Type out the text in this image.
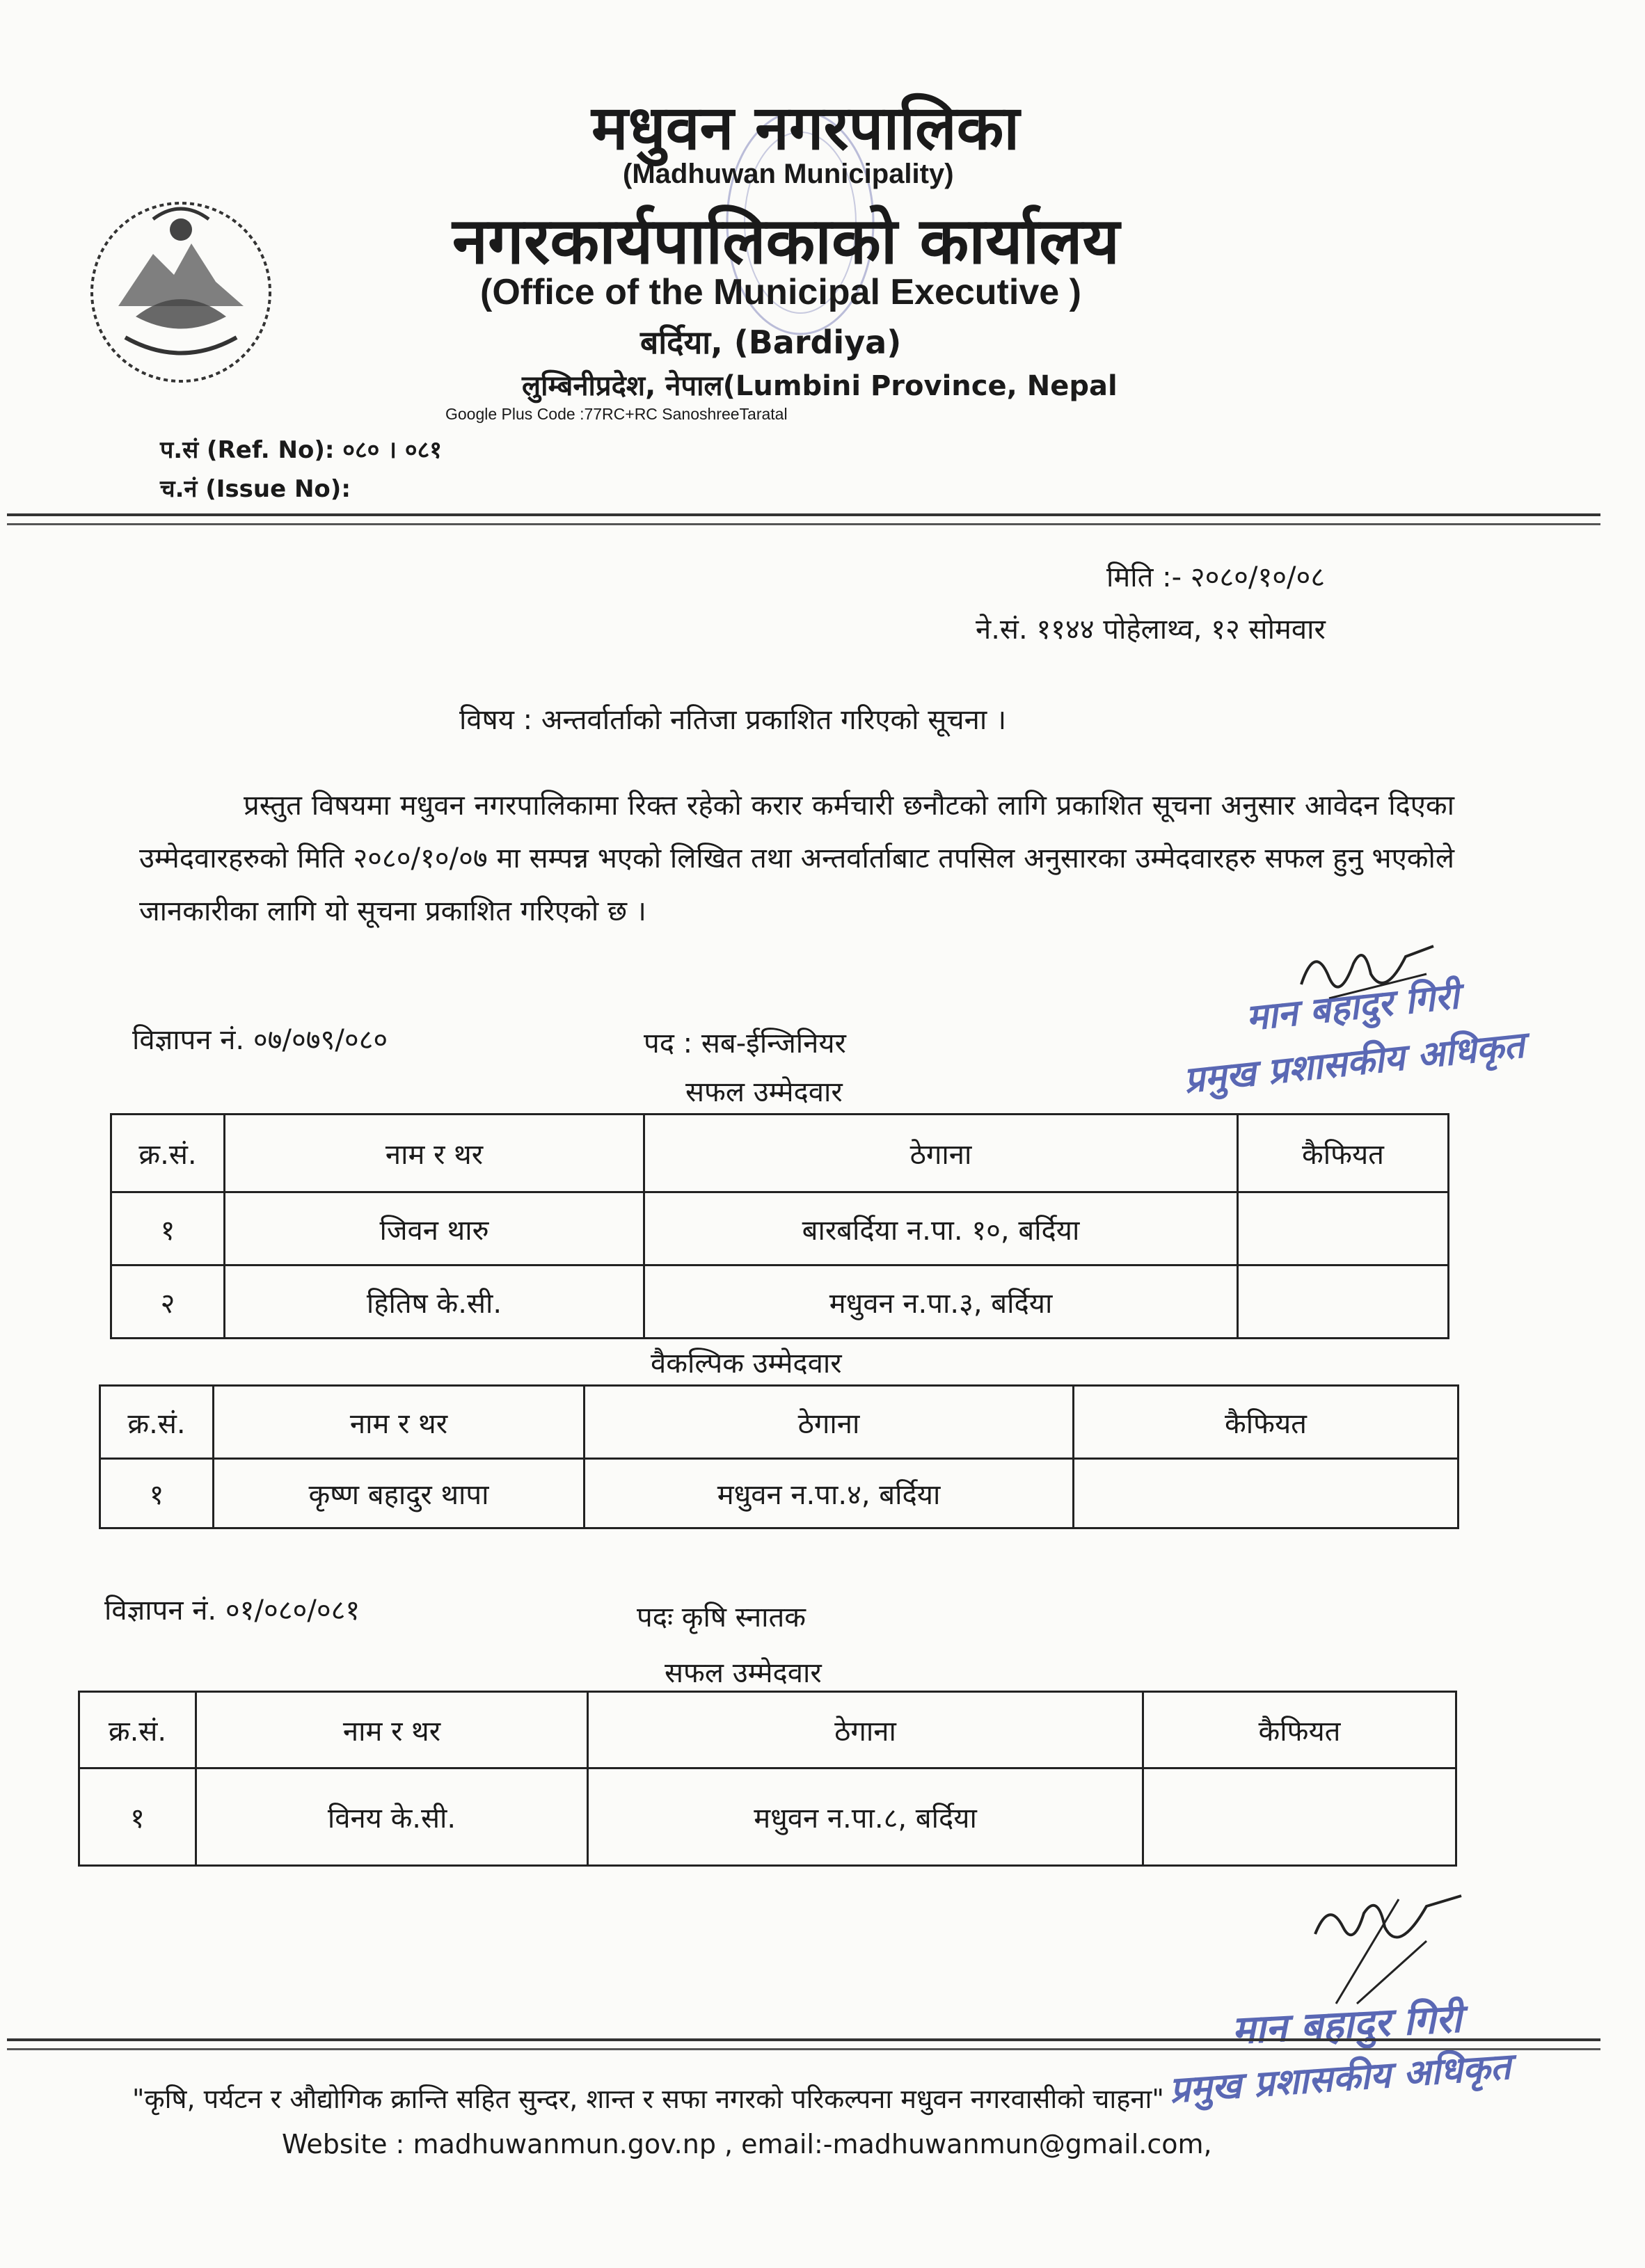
मधुवन नगरपालिका
(Madhuwan Municipality)
नगरकार्यपालिकाको कार्यालय
(Office of the Municipal Executive )
बर्दिया, (Bardiya)
लुम्बिनीप्रदेश, नेपाल(Lumbini Province, Nepal
Google Plus Code :77RC+RC SanoshreeTaratal
प.सं (Ref. No): ०८० । ०८१
च.नं (Issue No):
मिति :- २०८०/१०/०८
ने.सं. ११४४ पोहेलाथ्व, १२ सोमवार
विषय : अन्तर्वार्ताको नतिजा प्रकाशित गरिएको सूचना ।
प्रस्तुत विषयमा मधुवन नगरपालिकामा रिक्त रहेको करार कर्मचारी छनौटको लागि प्रकाशित सूचना अनुसार आवेदन दिएका उम्मेदवारहरुको मिति २०८०/१०/०७ मा सम्पन्न भएको लिखित तथा अन्तर्वार्ताबाट तपसिल अनुसारका उम्मेदवारहरु सफल हुनु भएकोले जानकारीका लागि यो सूचना प्रकाशित गरिएको छ ।
मान बहादुर गिरी
प्रमुख प्रशासकीय अधिकृत
विज्ञापन नं. ०७/०७९/०८०	पद : सब-ईन्जिनियर
सफल उम्मेदवार
क्र.सं.	नाम र थर	ठेगाना	कैफियत
१	जिवन थारु	बारबर्दिया न.पा. १०, बर्दिया	
२	हितिष के.सी.	मधुवन न.पा.३, बर्दिया	
वैकल्पिक उम्मेदवार
क्र.सं.	नाम र थर	ठेगाना	कैफियत
१	कृष्ण बहादुर थापा	मधुवन न.पा.४, बर्दिया	
विज्ञापन नं. ०१/०८०/०८१	पदः कृषि स्नातक
सफल उम्मेदवार
क्र.सं.	नाम र थर	ठेगाना	कैफियत
१	विनय के.सी.	मधुवन न.पा.८, बर्दिया	
मान बहादुर गिरी
प्रमुख प्रशासकीय अधिकृत
"कृषि, पर्यटन र औद्योगिक क्रान्ति सहित सुन्दर, शान्त र सफा नगरको परिकल्पना मधुवन नगरवासीको चाहना"
Website : madhuwanmun.gov.np , email:-madhuwanmun@gmail.com,
